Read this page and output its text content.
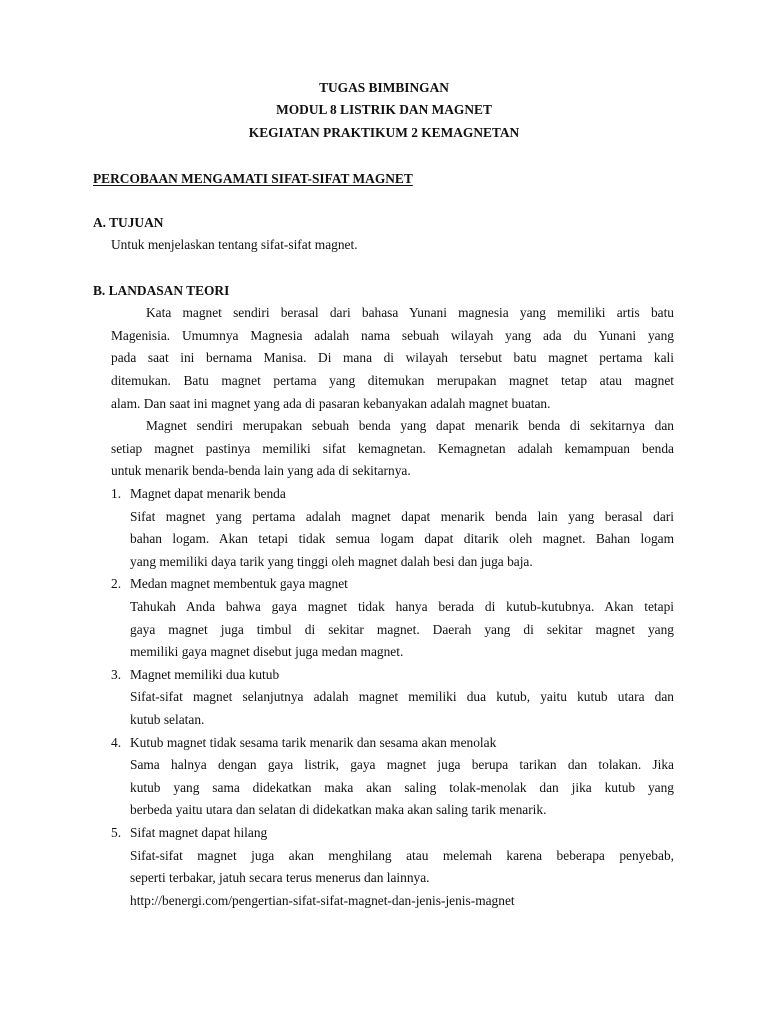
TUGAS BIMBINGAN
MODUL 8 LISTRIK DAN MAGNET
KEGIATAN PRAKTIKUM 2 KEMAGNETAN
PERCOBAAN MENGAMATI SIFAT-SIFAT MAGNET
A. TUJUAN
Untuk menjelaskan tentang sifat-sifat magnet.
B. LANDASAN TEORI
Kata magnet sendiri berasal dari bahasa Yunani magnesia yang memiliki artis batu
Magenisia. Umumnya Magnesia adalah nama sebuah wilayah yang ada du Yunani yang
pada saat ini bernama Manisa. Di mana di wilayah tersebut batu magnet pertama kali
ditemukan. Batu magnet pertama yang ditemukan merupakan magnet tetap atau magnet
alam. Dan saat ini magnet yang ada di pasaran kebanyakan adalah magnet buatan.
Magnet sendiri merupakan sebuah benda yang dapat menarik benda di sekitarnya dan
setiap magnet pastinya memiliki sifat kemagnetan. Kemagnetan adalah kemampuan benda
untuk menarik benda-benda lain yang ada di sekitarnya.
1. Magnet dapat menarik benda
Sifat magnet yang pertama adalah magnet dapat menarik benda lain yang berasal dari
bahan logam. Akan tetapi tidak semua logam dapat ditarik oleh magnet. Bahan logam
yang memiliki daya tarik yang tinggi oleh magnet dalah besi dan juga baja.
2. Medan magnet membentuk gaya magnet
Tahukah Anda bahwa gaya magnet tidak hanya berada di kutub-kutubnya. Akan tetapi
gaya magnet juga timbul di sekitar magnet. Daerah yang di sekitar magnet yang
memiliki gaya magnet disebut juga medan magnet.
3. Magnet memiliki dua kutub
Sifat-sifat magnet selanjutnya adalah magnet memiliki dua kutub, yaitu kutub utara dan
kutub selatan.
4. Kutub magnet tidak sesama tarik menarik dan sesama akan menolak
Sama halnya dengan gaya listrik, gaya magnet juga berupa tarikan dan tolakan. Jika
kutub yang sama didekatkan maka akan saling tolak-menolak dan jika kutub yang
berbeda yaitu utara dan selatan di didekatkan maka akan saling tarik menarik.
5. Sifat magnet dapat hilang
Sifat-sifat magnet juga akan menghilang atau melemah karena beberapa penyebab,
seperti terbakar, jatuh secara terus menerus dan lainnya.
http://benergi.com/pengertian-sifat-sifat-magnet-dan-jenis-jenis-magnet
